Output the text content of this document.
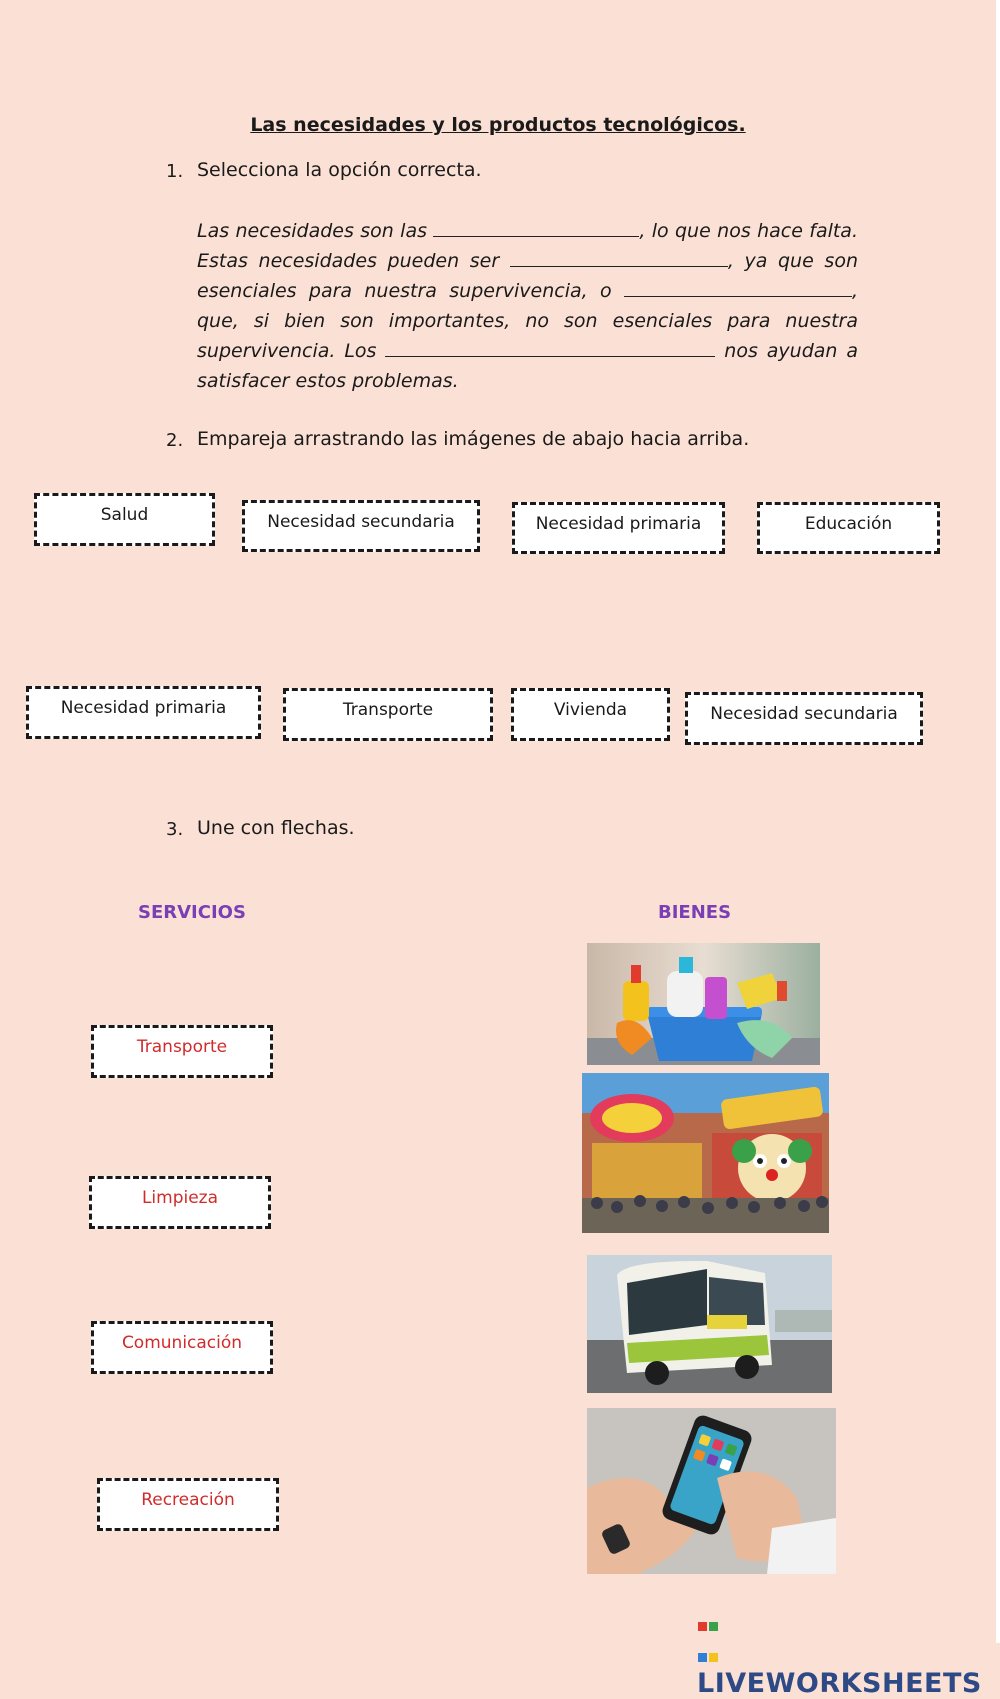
Las necesidades y los productos tecnológicos.
1. Selecciona la opción correcta.
Las necesidades son las	, lo que nos hace falta. Estas necesidades pueden ser	, ya que son esenciales para nuestra supervivencia, o	, que, si bien son importantes, no son esenciales para nuestra supervivencia. Los	nos ayudan a satisfacer estos problemas.
2. Empareja arrastrando las imágenes de abajo hacia arriba.
Salud	Necesidad secundaria	Necesidad primaria	Educación
Necesidad primaria	Transporte	Vivienda	Necesidad secundaria
3. Une con flechas.
SERVICIOS	BIENES
Transporte
Limpieza
Comunicación
Recreación

LIVEWORKSHEETS
